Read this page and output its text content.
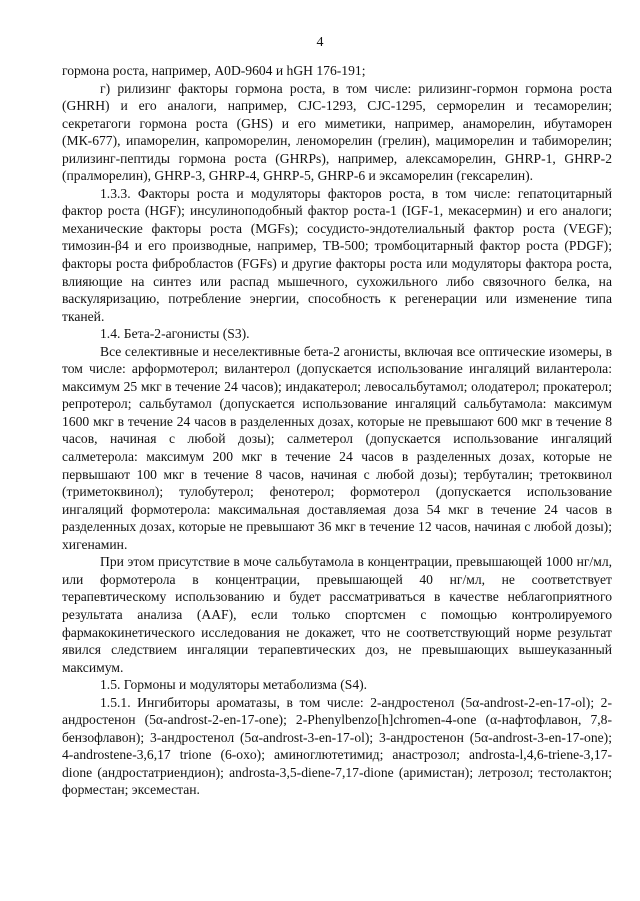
4

гормона роста, например, A0D-9604 и hGH 176-191;

г) рилизинг факторы гормона роста, в том числе: рилизинг-гормон гормона роста (GHRH) и его аналоги, например, CJC-1293, CJC-1295, серморелин и тесаморелин; секретагоги гормона роста (GHS) и его миметики, например, анаморелин, ибутаморен (МК-677), ипаморелин, капроморелин, леноморелин (грелин), мациморелин и табиморелин; рилизинг-пептиды гормона роста (GHRPs), например, алексаморелин, GHRP-1, GHRP-2 (пралморелин), GHRP-3, GHRP-4, GHRP-5, GHRP-6 и эксаморелин (гексарелин).

1.3.3. Факторы роста и модуляторы факторов роста, в том числе: гепатоцитарный фактор роста (HGF); инсулиноподобный фактор роста-1 (IGF-1, мекасермин) и его аналоги; механические факторы роста (MGFs); сосудисто-эндотелиальный фактор роста (VEGF); тимозин-β4 и его производные, например, ТВ-500; тромбоцитарный фактор роста (PDGF); факторы роста фибробластов (FGFs) и другие факторы роста или модуляторы фактора роста, влияющие на синтез или распад мышечного, сухожильного либо связочного белка, на васкуляризацию, потребление энергии, способность к регенерации или изменение типа тканей.

1.4. Бета-2-агонисты (S3).

Все селективные и неселективные бета-2 агонисты, включая все оптические изомеры, в том числе: арформотерол; вилантерол (допускается использование ингаляций вилантерола: максимум 25 мкг в течение 24 часов); индакатерол; левосальбутамол; олодатерол; прокатерол; репротерол; сальбутамол (допускается использование ингаляций сальбутамола: максимум 1600 мкг в течение 24 часов в разделенных дозах, которые не превышают 600 мкг в течение 8 часов, начиная с любой дозы); салметерол (допускается использование ингаляций салметерола: максимум 200 мкг в течение 24 часов в разделенных дозах, которые не первышают 100 мкг в течение 8 часов, начиная с любой дозы); тербуталин; третоквинол (триметоквинол); тулобутерол; фенотерол; формотерол (допускается использование ингаляций формотерола: максимальная доставляемая доза 54 мкг в течение 24 часов в разделенных дозах, которые не превышают 36 мкг в течение 12 часов, начиная с любой дозы); хигенамин.

При этом присутствие в моче сальбутамола в концентрации, превышающей 1000 нг/мл, или формотерола в концентрации, превышающей 40 нг/мл, не соответствует терапевтическому использованию и будет рассматриваться в качестве неблагоприятного результата анализа (AAF), если только спортсмен с помощью контролируемого фармакокинетического исследования не докажет, что не соответствующий норме результат явился следствием ингаляции терапевтических доз, не превышающих вышеуказанный максимум.

1.5. Гормоны и модуляторы метаболизма (S4).

1.5.1. Ингибиторы ароматазы, в том числе: 2-андростенол (5α-androst-2-en-17-ol); 2-андростенон (5α-androst-2-en-17-one); 2-Phenylbenzo[h]chromen-4-one (α-нафтофлавон, 7,8-бензофлавон); 3-андростенол (5α-androst-3-en-17-ol); 3-андростенон (5α-androst-3-en-17-one); 4-androstene-3,6,17 trione (6-oxo); аминоглютетимид; анастрозол; androsta-l,4,6-triene-3,17-dione (андростатриендион); androsta-3,5-diene-7,17-dione (аримистан); летрозол; тестолактон; форместан; эксеместан.
